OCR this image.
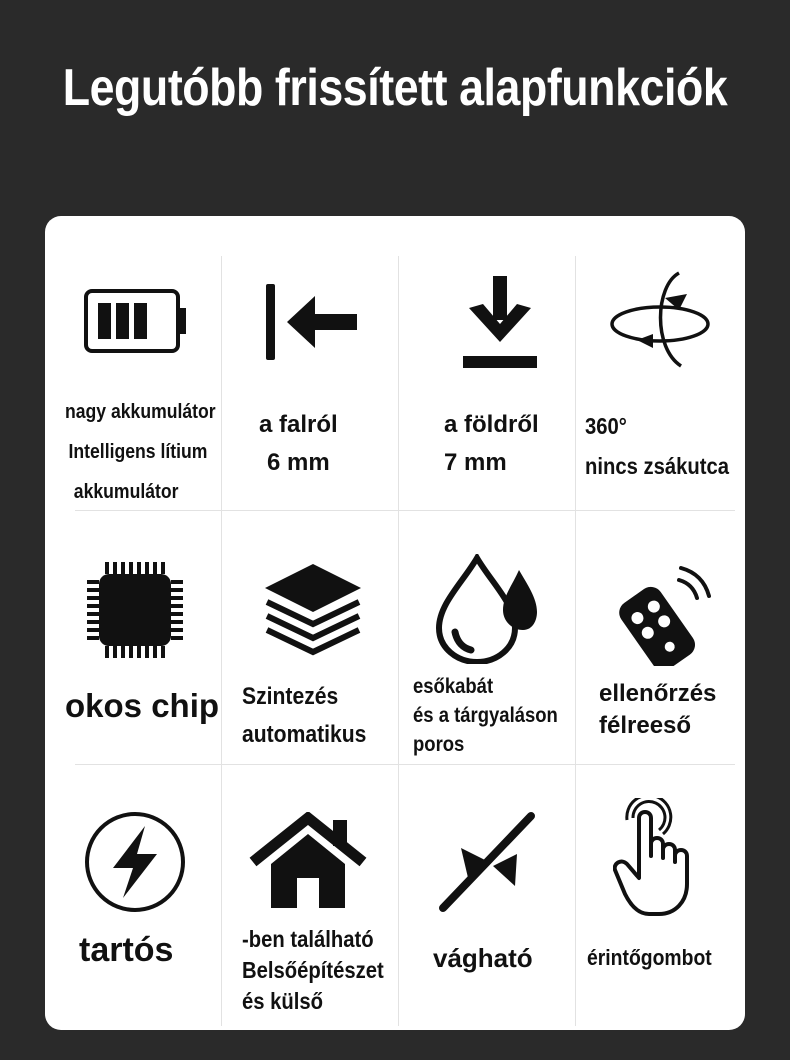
Legutóbb frissített alapfunkciók
nagy akkumulátor
Intelligens lítium
akkumulátor
a falról
6 mm
a földről
7 mm
360°
nincs zsákutca
okos chip Szintezés
automatikus
esőkabát
és a tárgyaláson
poros
ellenőrzés
félreeső
tartós	-ben található
Belsőépítészet
és külső
vágható érintőgombot
